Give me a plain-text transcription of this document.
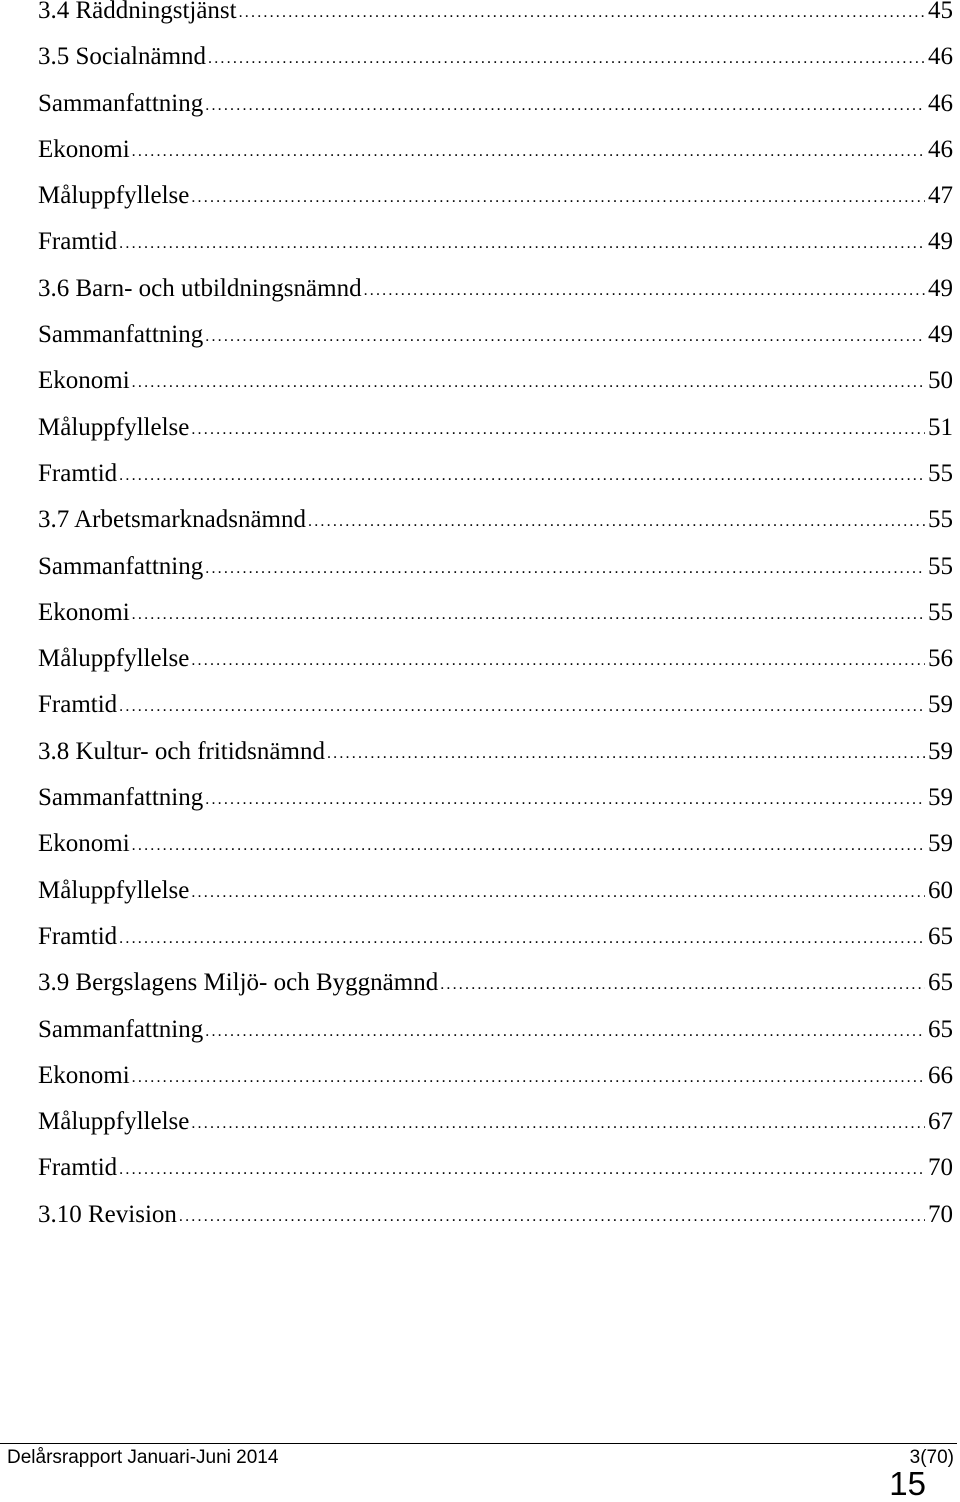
3.4 Räddningstjänst .....	45
3.5 Socialnämnd .....	46
Sammanfattning .....	46
Ekonomi .....	46
Måluppfyllelse .....	47
Framtid .....	49
3.6 Barn- och utbildningsnämnd .....	49
Sammanfattning .....	49
Ekonomi .....	50
Måluppfyllelse .....	51
Framtid .....	55
3.7 Arbetsmarknadsnämnd .....	55
Sammanfattning .....	55
Ekonomi .....	55
Måluppfyllelse .....	56
Framtid .....	59
3.8 Kultur- och fritidsnämnd .....	59
Sammanfattning .....	59
Ekonomi .....	59
Måluppfyllelse .....	60
Framtid .....	65
3.9 Bergslagens Miljö- och Byggnämnd .....	65
Sammanfattning .....	65
Ekonomi .....	66
Måluppfyllelse .....	67
Framtid .....	70
3.10 Revision .....	70
Delårsrapport Januari-Juni 2014	3(70)
15
